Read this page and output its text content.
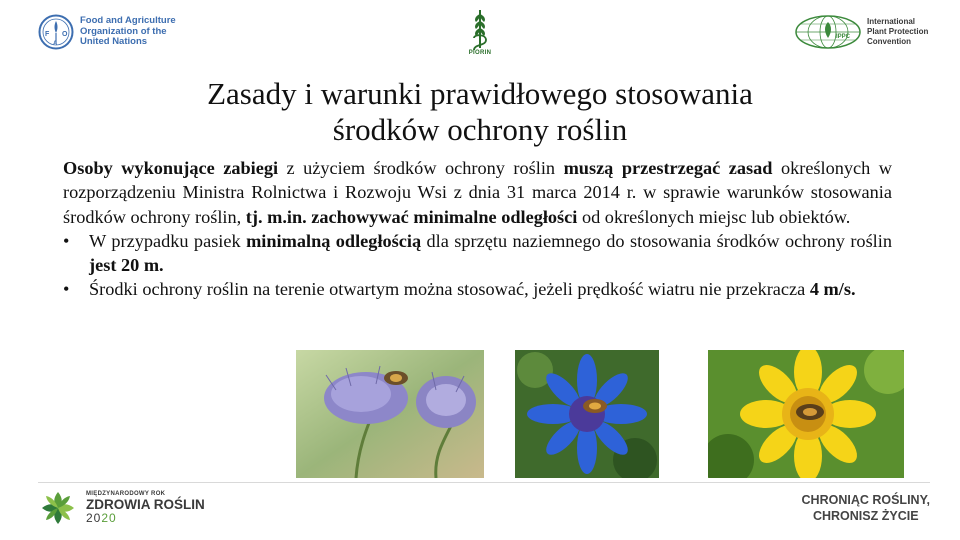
F O
A
Food and Agriculture
Organization of the
United Nations
PIORIN
IPPC
International
Plant Protection
Convention
Zasady i warunki prawidłowego stosowania
środków ochrony roślin

Osoby wykonujące zabiegi z użyciem środków ochrony roślin muszą przestrzegać zasad określonych w rozporządzeniu Ministra Rolnictwa i Rozwoju Wsi z dnia 31 marca 2014 r. w sprawie warunków stosowania środków ochrony roślin, tj. m.in. zachowywać minimalne odległości od określonych miejsc lub obiektów.

• W przypadku pasiek minimalną odległością dla sprzętu naziemnego do stosowania środków ochrony roślin jest 20 m.
• Środki ochrony roślin na terenie otwartym można stosować, jeżeli prędkość wiatru nie przekracza 4 m/s.
MIĘDZYNARODOWY ROK
ZDROWIA ROŚLIN
2020
CHRONIĄC ROŚLINY,
CHRONISZ ŻYCIE
